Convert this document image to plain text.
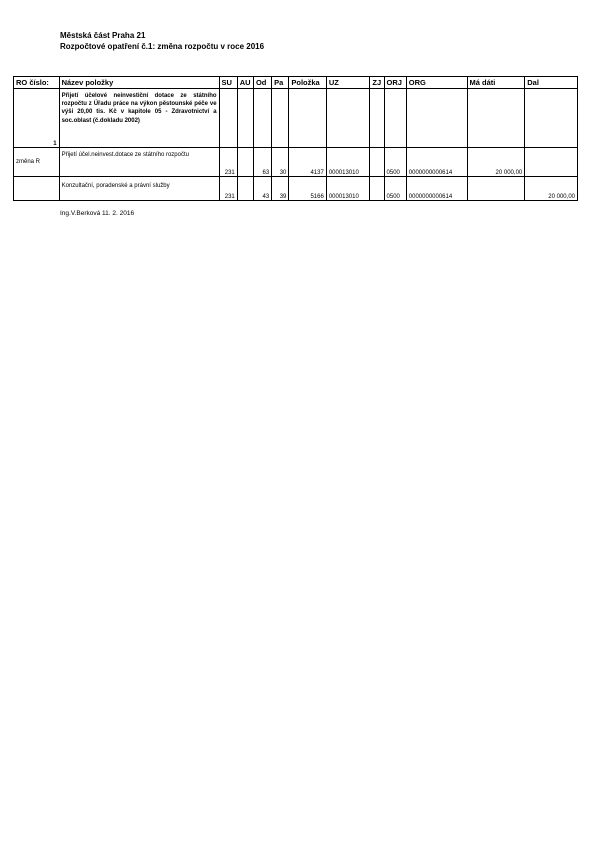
Městská část Praha 21
Rozpočtové opatření č.1: změna rozpočtu v roce 2016
RO číslo:	Název položky	SU	AU	Od	Pa	Položka	UZ	ZJ	ORJ	ORG	Má dáti	Dal
1	Přijetí účelové neinvestiční dotace ze státního rozpočtu z Úřadu práce na výkon pěstounské péče ve výši 20,00 tis. Kč v kapitole 05 - Zdravotnictví a soc.oblast (č.dokladu 2002)											
změna R	Přijetí účel.neinvest.dotace ze státního rozpočtu	231		63	30	4137	000013010		0500	0000000000614	20 000,00	
	Konzultační, poradenské a právní služby	231		43	39	5166	000013010		0500	0000000000614		20 000,00
Ing.V.Berková 11. 2. 2016
